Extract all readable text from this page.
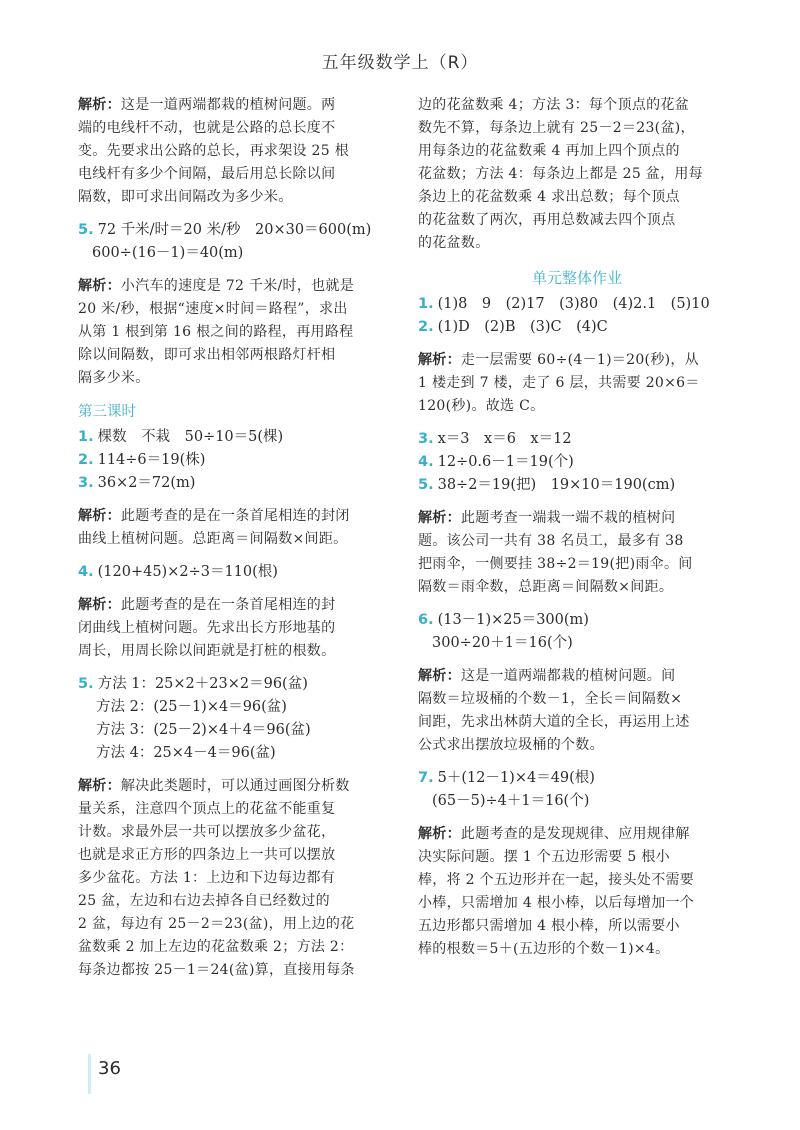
五年级数学上（R）
解析：这是一道两端都栽的植树问题。两
端的电线杆不动，也就是公路的总长度不
变。先要求出公路的总长，再求架设 25 根
电线杆有多少个间隔，最后用总长除以间
隔数，即可求出间隔改为多少米。
5. 72 千米/时＝20 米/秒　20×30＝600(m)
600÷(16－1)＝40(m)
解析：小汽车的速度是 72 千米/时，也就是
20 米/秒，根据“速度×时间＝路程”，求出
从第 1 根到第 16 根之间的路程，再用路程
除以间隔数，即可求出相邻两根路灯杆相
隔多少米。
第三课时
1. 棵数　不栽　50÷10＝5(棵)
2. 114÷6＝19(株)
3. 36×2＝72(m)
解析：此题考查的是在一条首尾相连的封闭
曲线上植树问题。总距离＝间隔数×间距。
4. (120+45)×2÷3＝110(根)
解析：此题考查的是在一条首尾相连的封
闭曲线上植树问题。先求出长方形地基的
周长，用周长除以间距就是打桩的根数。
5. 方法 1：25×2＋23×2＝96(盆)
方法 2：(25－1)×4＝96(盆)
方法 3：(25－2)×4＋4＝96(盆)
方法 4：25×4－4＝96(盆)
解析：解决此类题时，可以通过画图分析数
量关系，注意四个顶点上的花盆不能重复
计数。求最外层一共可以摆放多少盆花，
也就是求正方形的四条边上一共可以摆放
多少盆花。方法 1：上边和下边每边都有
25 盆，左边和右边去掉各自已经数过的
2 盆，每边有 25－2＝23(盆)，用上边的花
盆数乘 2 加上左边的花盆数乘 2；方法 2：
每条边都按 25－1＝24(盆)算，直接用每条
边的花盆数乘 4；方法 3：每个顶点的花盆
数先不算，每条边上就有 25－2＝23(盆)，
用每条边的花盆数乘 4 再加上四个顶点的
花盆数；方法 4：每条边上都是 25 盆，用每
条边上的花盆数乘 4 求出总数；每个顶点
的花盆数了两次，再用总数减去四个顶点
的花盆数。
单元整体作业
1. (1)8　9　(2)17　(3)80　(4)2.1　(5)10
2. (1)D　(2)B　(3)C　(4)C
解析：走一层需要 60÷(4－1)＝20(秒)，从
1 楼走到 7 楼，走了 6 层，共需要 20×6＝
120(秒)。故选 C。
3. x＝3　x＝6　x＝12
4. 12÷0.6－1＝19(个)
5. 38÷2＝19(把)　19×10＝190(cm)
解析：此题考查一端栽一端不栽的植树问
题。该公司一共有 38 名员工，最多有 38
把雨伞，一侧要挂 38÷2＝19(把)雨伞。间
隔数＝雨伞数，总距离＝间隔数×间距。
6. (13－1)×25＝300(m)
300÷20＋1＝16(个)
解析：这是一道两端都栽的植树问题。间
隔数＝垃圾桶的个数－1，全长＝间隔数×
间距，先求出林荫大道的全长，再运用上述
公式求出摆放垃圾桶的个数。
7. 5＋(12－1)×4＝49(根)
(65－5)÷4＋1＝16(个)
解析：此题考查的是发现规律、应用规律解
决实际问题。摆 1 个五边形需要 5 根小
棒，将 2 个五边形并在一起，接头处不需要
小棒，只需增加 4 根小棒，以后每增加一个
五边形都只需增加 4 根小棒，所以需要小
棒的根数＝5＋(五边形的个数－1)×4。
36
